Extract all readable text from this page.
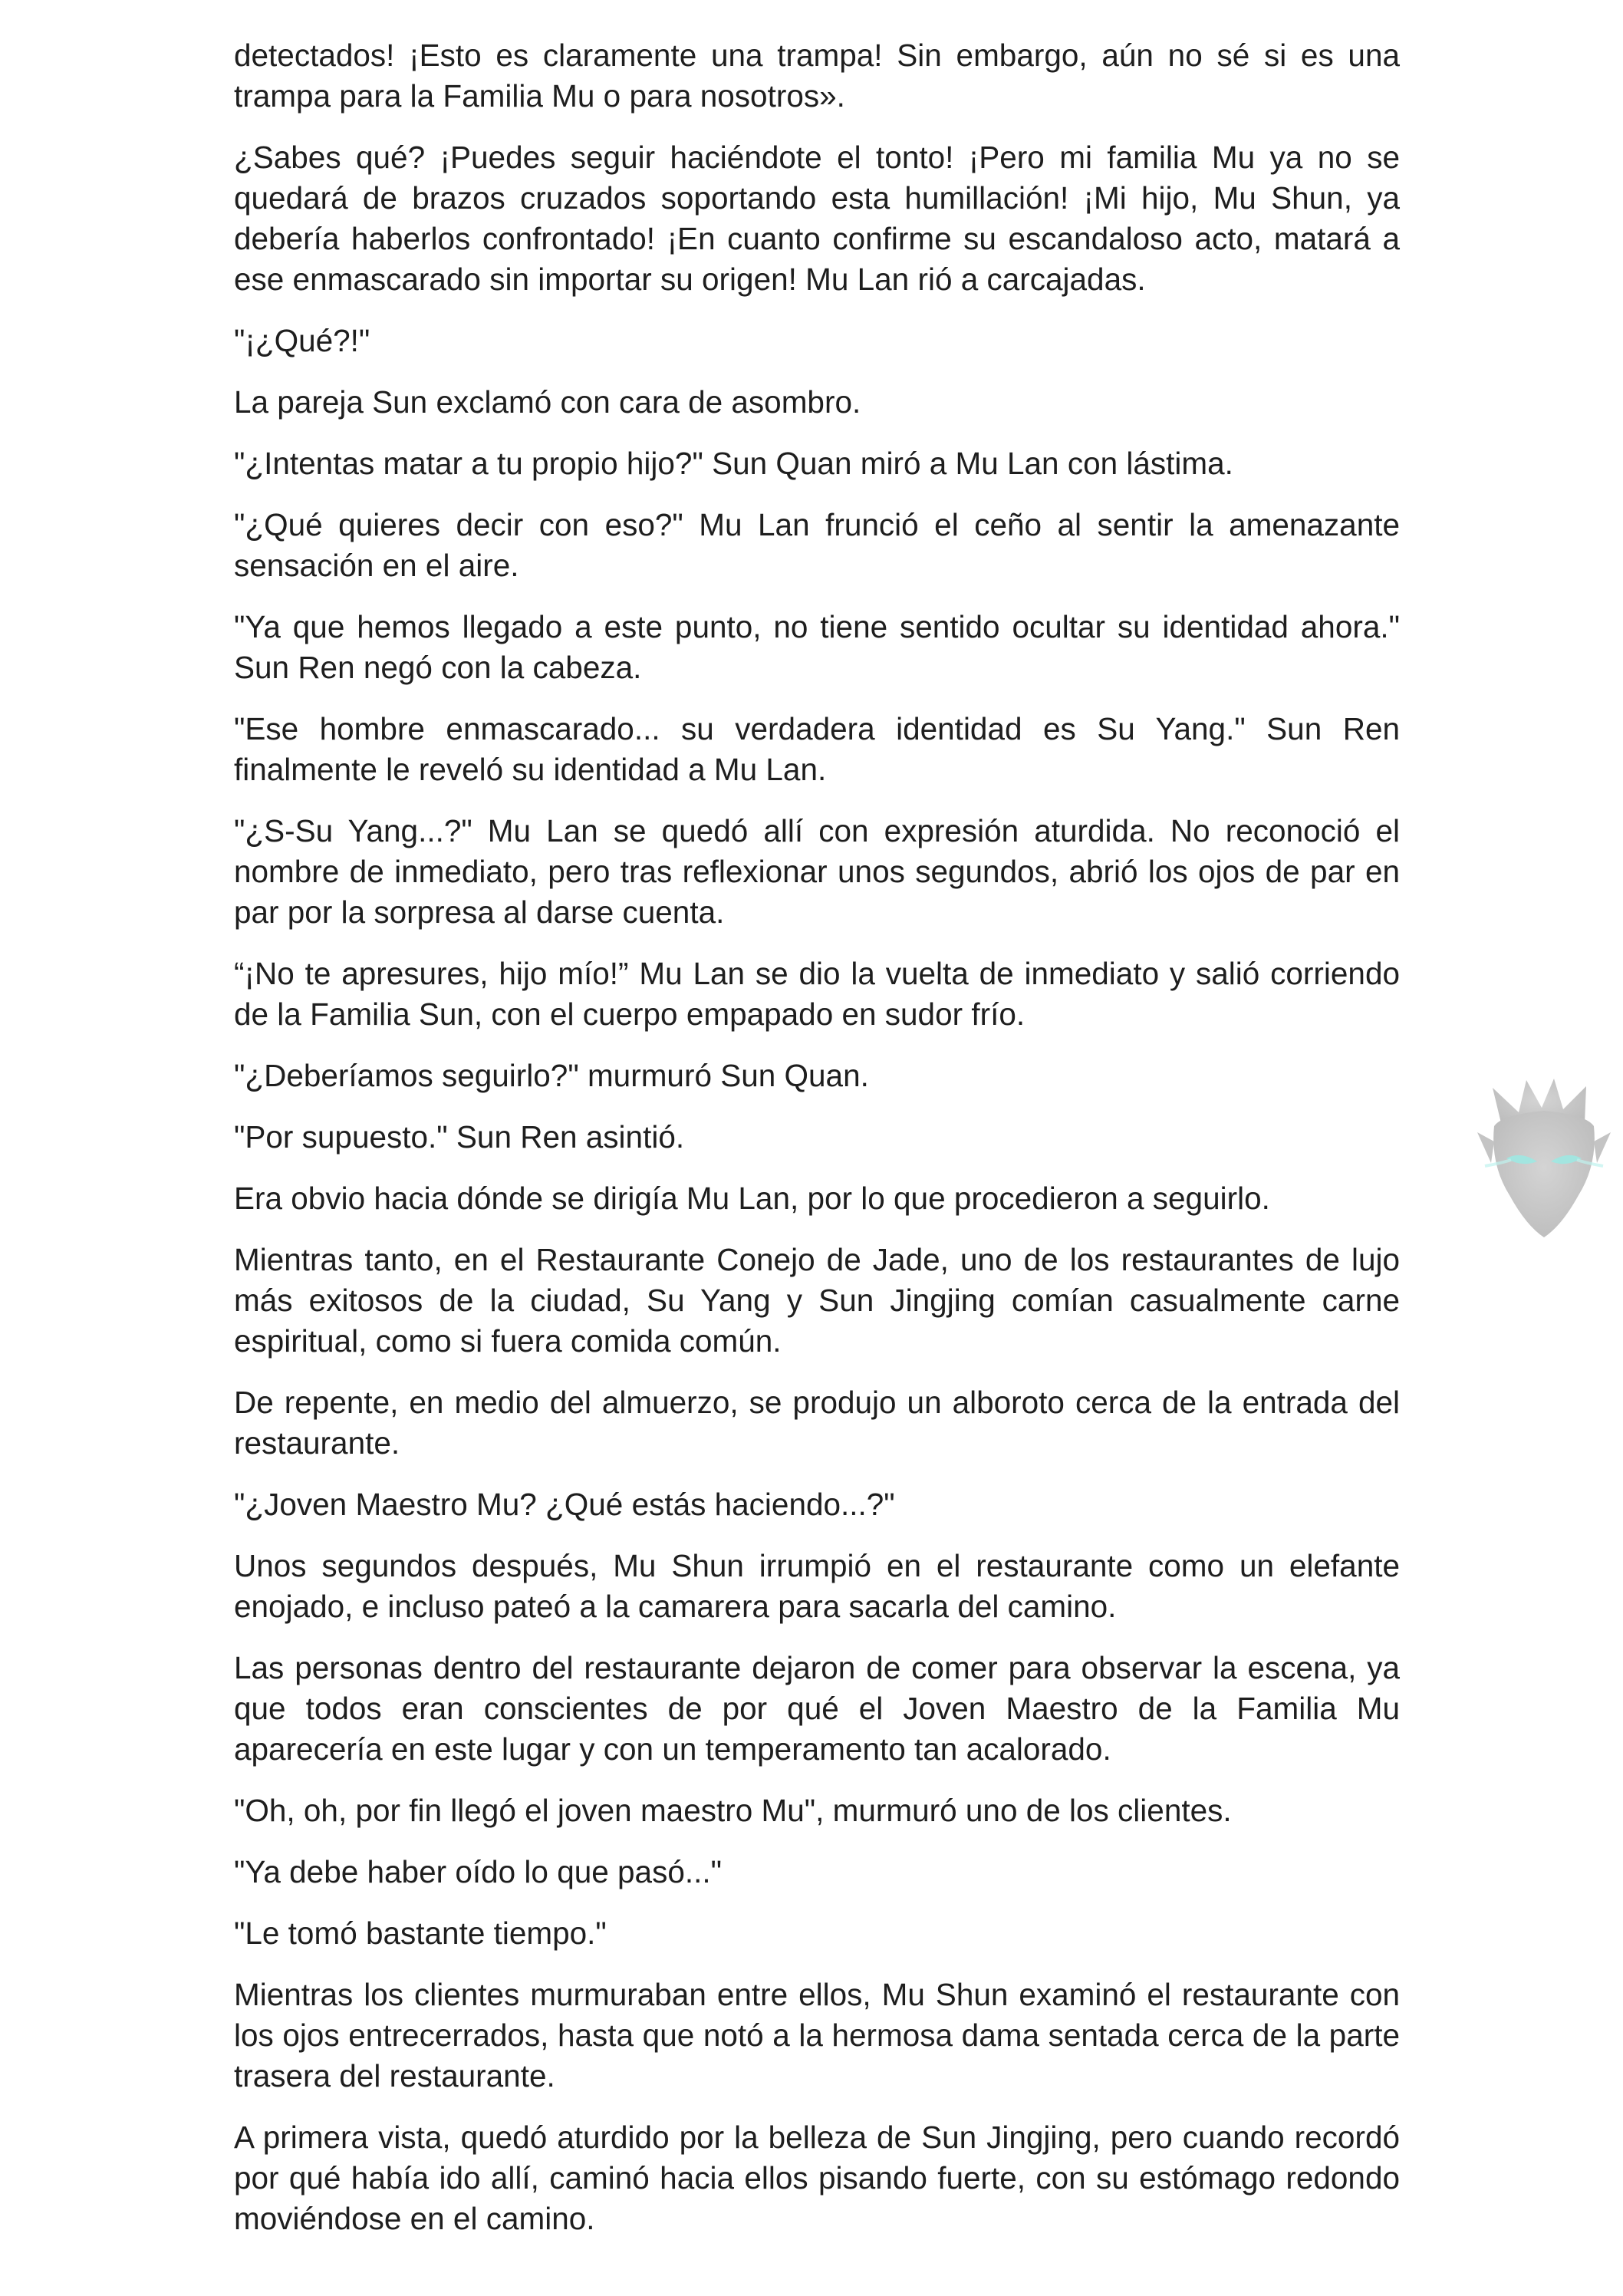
detectados! ¡Esto es claramente una trampa! Sin embargo, aún no sé si es una trampa para la Familia Mu o para nosotros».

¿Sabes qué? ¡Puedes seguir haciéndote el tonto! ¡Pero mi familia Mu ya no se quedará de brazos cruzados soportando esta humillación! ¡Mi hijo, Mu Shun, ya debería haberlos confrontado! ¡En cuanto confirme su escandaloso acto, matará a ese enmascarado sin importar su origen! Mu Lan rió a carcajadas.

"¡¿Qué?!"

La pareja Sun exclamó con cara de asombro.

"¿Intentas matar a tu propio hijo?" Sun Quan miró a Mu Lan con lástima.

"¿Qué quieres decir con eso?" Mu Lan frunció el ceño al sentir la amenazante sensación en el aire.

"Ya que hemos llegado a este punto, no tiene sentido ocultar su identidad ahora." Sun Ren negó con la cabeza.

"Ese hombre enmascarado... su verdadera identidad es Su Yang." Sun Ren finalmente le reveló su identidad a Mu Lan.

"¿S-Su Yang...?" Mu Lan se quedó allí con expresión aturdida. No reconoció el nombre de inmediato, pero tras reflexionar unos segundos, abrió los ojos de par en par por la sorpresa al darse cuenta.

“¡No te apresures, hijo mío!” Mu Lan se dio la vuelta de inmediato y salió corriendo de la Familia Sun, con el cuerpo empapado en sudor frío.

"¿Deberíamos seguirlo?" murmuró Sun Quan.

"Por supuesto." Sun Ren asintió.

Era obvio hacia dónde se dirigía Mu Lan, por lo que procedieron a seguirlo.

Mientras tanto, en el Restaurante Conejo de Jade, uno de los restaurantes de lujo más exitosos de la ciudad, Su Yang y Sun Jingjing comían casualmente carne espiritual, como si fuera comida común.

De repente, en medio del almuerzo, se produjo un alboroto cerca de la entrada del restaurante.

"¿Joven Maestro Mu? ¿Qué estás haciendo...?"

Unos segundos después, Mu Shun irrumpió en el restaurante como un elefante enojado, e incluso pateó a la camarera para sacarla del camino.

Las personas dentro del restaurante dejaron de comer para observar la escena, ya que todos eran conscientes de por qué el Joven Maestro de la Familia Mu aparecería en este lugar y con un temperamento tan acalorado.

"Oh, oh, por fin llegó el joven maestro Mu", murmuró uno de los clientes.

"Ya debe haber oído lo que pasó..."

"Le tomó bastante tiempo."

Mientras los clientes murmuraban entre ellos, Mu Shun examinó el restaurante con los ojos entrecerrados, hasta que notó a la hermosa dama sentada cerca de la parte trasera del restaurante.

A primera vista, quedó aturdido por la belleza de Sun Jingjing, pero cuando recordó por qué había ido allí, caminó hacia ellos pisando fuerte, con su estómago redondo moviéndose en el camino.
